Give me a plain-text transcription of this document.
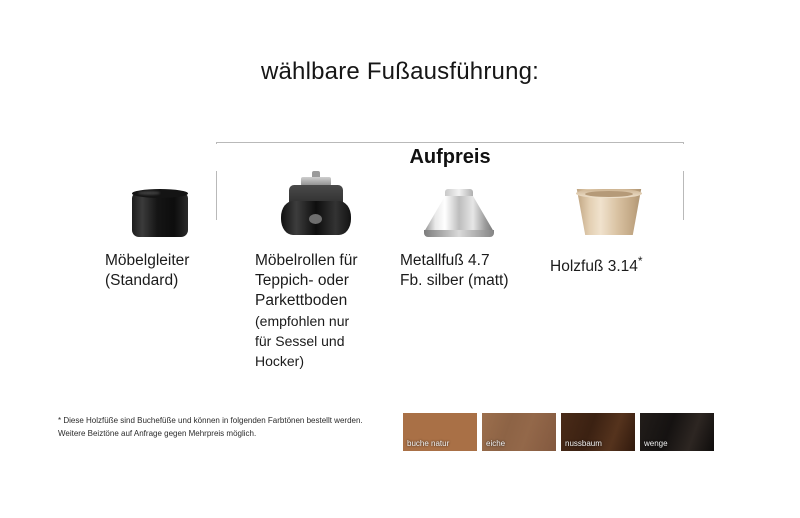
wählbare Fußausführung:
Aufpreis
Möbelgleiter
(Standard)
Möbelrollen für
Teppich- oder
Parkettboden
(empfohlen nur
für Sessel und
Hocker)
Metallfuß 4.7
Fb. silber (matt)
Holzfuß 3.14*
* Diese Holzfüße sind Buchefüße und können in folgenden Farbtönen bestellt werden.
Weitere Beiztöne auf Anfrage gegen Mehrpreis möglich.
buche natur	eiche	nussbaum	wenge
